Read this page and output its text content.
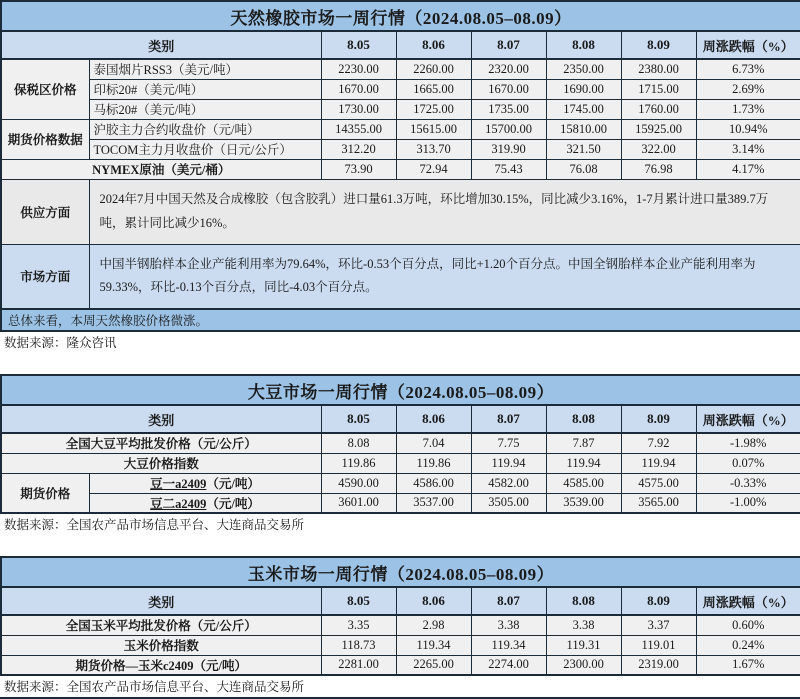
天然橡胶市场一周行情（2024.08.05–08.09）							
类别		8.05	8.06	8.07	8.08	8.09	周涨跌幅（%）
保税区价格	泰国烟片RSS3（美元/吨）	2230.00	2260.00	2320.00	2350.00	2380.00	6.73%
	印标20#（美元/吨）	1670.00	1665.00	1670.00	1690.00	1715.00	2.69%
	马标20#（美元/吨）	1730.00	1725.00	1735.00	1745.00	1760.00	1.73%
期货价格数据	沪胶主力合约收盘价（元/吨）	14355.00	15615.00	15700.00	15810.00	15925.00	10.94%
	TOCOM主力月收盘价（日元/公斤）	312.20	313.70	319.90	321.50	322.00	3.14%
NYMEX原油（美元/桶）		73.90	72.94	75.43	76.08	76.98	4.17%
供应方面	2024年7月中国天然及合成橡胶（包含胶乳）进口量61.3万吨，环比增加30.15%，同比减少3.16%，1-7月累计进口量389.7万吨，累计同比减少16%。						
市场方面	中国半钢胎样本企业产能利用率为79.64%，环比-0.53个百分点，同比+1.20个百分点。中国全钢胎样本企业产能利用率为59.33%，环比-0.13个百分点，同比-4.03个百分点。						
总体来看，本周天然橡胶价格微涨。							
数据来源：隆众咨讯
大豆市场一周行情（2024.08.05–08.09）							
类别		8.05	8.06	8.07	8.08	8.09	周涨跌幅（%）
全国大豆平均批发价格（元/公斤）		8.08	7.04	7.75	7.87	7.92	-1.98%
大豆价格指数		119.86	119.86	119.94	119.94	119.94	0.07%
期货价格	豆一a2409（元/吨）	4590.00	4586.00	4582.00	4585.00	4575.00	-0.33%
	豆二a2409（元/吨）	3601.00	3537.00	3505.00	3539.00	3565.00	-1.00%
数据来源：全国农产品市场信息平台、大连商品交易所
玉米市场一周行情（2024.08.05–08.09）						
类别	8.05	8.06	8.07	8.08	8.09	周涨跌幅（%）
全国玉米平均批发价格（元/公斤）	3.35	2.98	3.38	3.38	3.37	0.60%
玉米价格指数	118.73	119.34	119.34	119.31	119.01	0.24%
期货价格—玉米c2409（元/吨）	2281.00	2265.00	2274.00	2300.00	2319.00	1.67%
数据来源：全国农产品市场信息平台、大连商品交易所
